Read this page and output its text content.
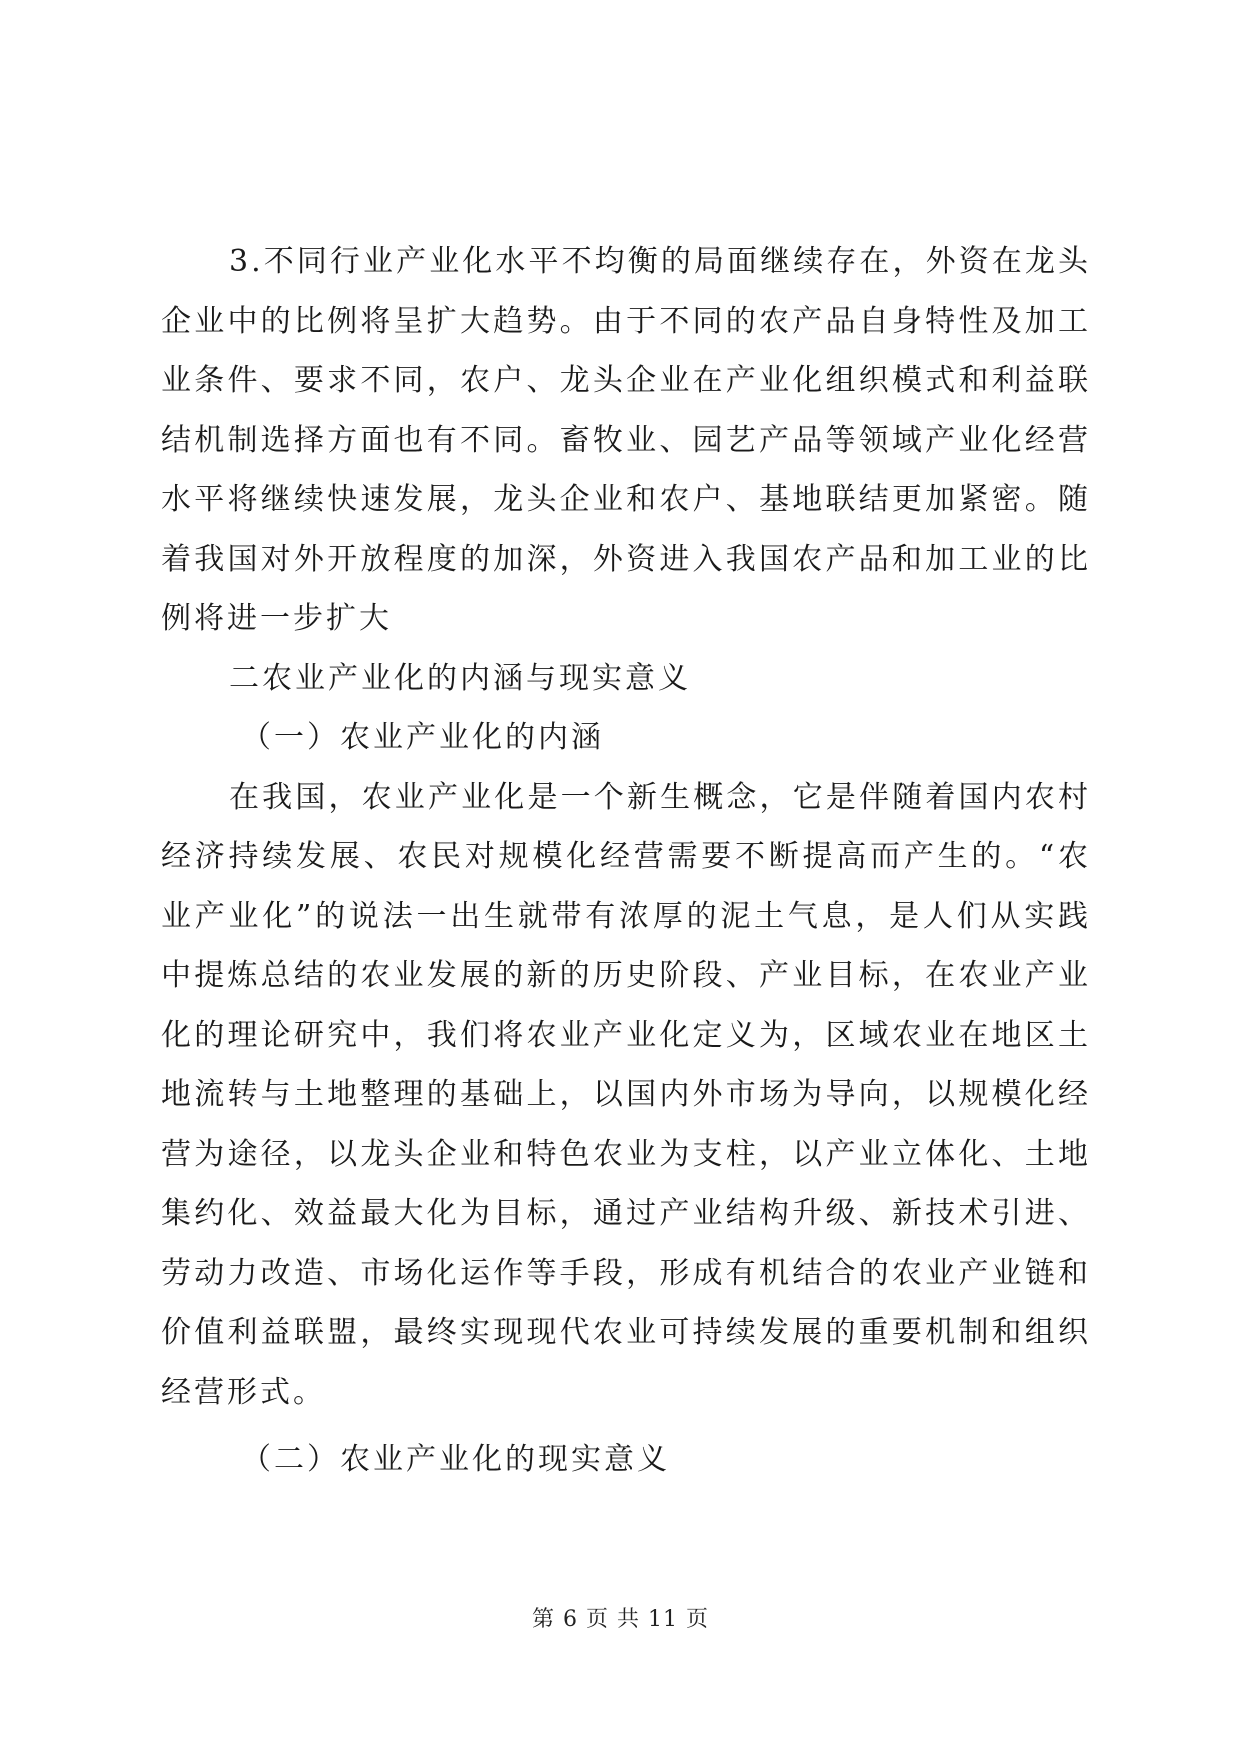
3.不同行业产业化水平不均衡的局面继续存在，外资在龙头企业中的比例将呈扩大趋势。由于不同的农产品自身特性及加工业条件、要求不同，农户、龙头企业在产业化组织模式和利益联结机制选择方面也有不同。畜牧业、园艺产品等领域产业化经营水平将继续快速发展，龙头企业和农户、基地联结更加紧密。随着我国对外开放程度的加深，外资进入我国农产品和加工业的比例将进一步扩大

二农业产业化的内涵与现实意义

（一）农业产业化的内涵

在我国，农业产业化是一个新生概念，它是伴随着国内农村经济持续发展、农民对规模化经营需要不断提高而产生的。“农业产业化”的说法一出生就带有浓厚的泥土气息，是人们从实践中提炼总结的农业发展的新的历史阶段、产业目标，在农业产业化的理论研究中，我们将农业产业化定义为，区域农业在地区土地流转与土地整理的基础上，以国内外市场为导向，以规模化经营为途径，以龙头企业和特色农业为支柱，以产业立体化、土地集约化、效益最大化为目标，通过产业结构升级、新技术引进、劳动力改造、市场化运作等手段，形成有机结合的农业产业链和价值利益联盟，最终实现现代农业可持续发展的重要机制和组织经营形式。

（二）农业产业化的现实意义

第 6 页 共 11 页
